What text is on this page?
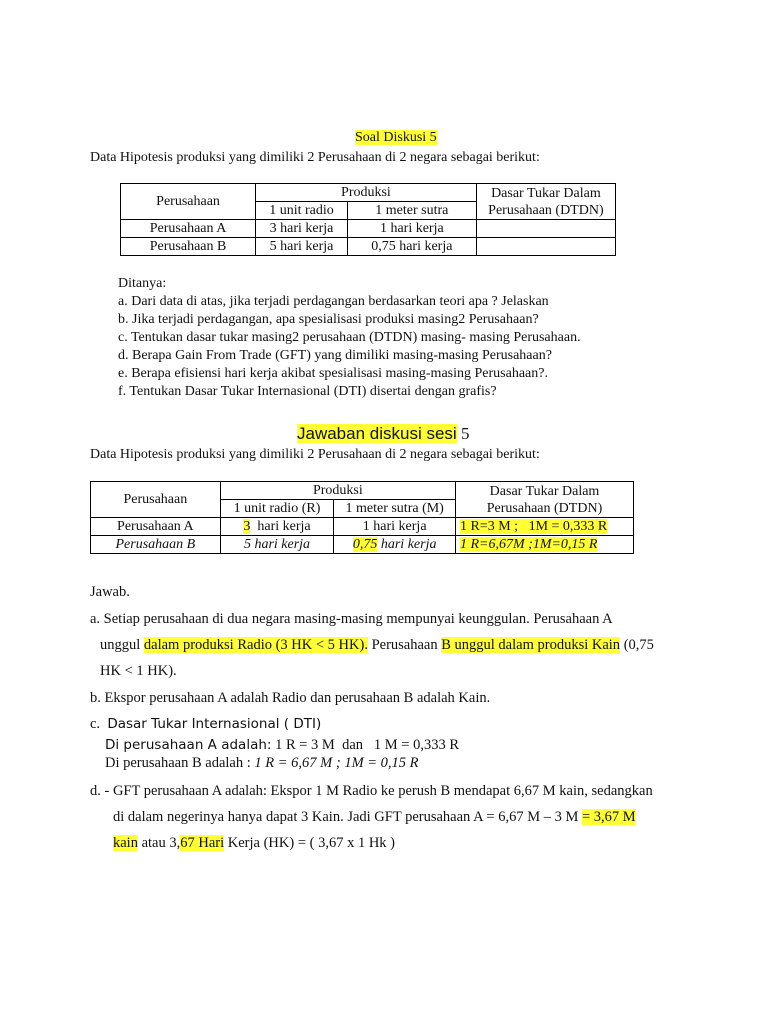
Soal Diskusi 5
Data Hipotesis produksi yang dimiliki 2 Perusahaan di 2 negara sebagai berikut:
Perusahaan	Produksi		Dasar Tukar Dalam
Perusahaan (DTDN)
	1 unit radio	1 meter sutra	
Perusahaan A	3 hari kerja	1 hari kerja	
Perusahaan B	5 hari kerja	0,75 hari kerja	
Ditanya:
a. Dari data di atas, jika terjadi perdagangan berdasarkan teori apa ? Jelaskan
b. Jika terjadi perdagangan, apa spesialisasi produksi masing2 Perusahaan?
c. Tentukan dasar tukar masing2 perusahaan (DTDN) masing- masing Perusahaan.
d. Berapa Gain From Trade (GFT) yang dimiliki masing-masing Perusahaan?
e. Berapa efisiensi hari kerja akibat spesialisasi masing-masing Perusahaan?.
f. Tentukan Dasar Tukar Internasional (DTI) disertai dengan grafis?
Jawaban diskusi sesi 5
Data Hipotesis produksi yang dimiliki 2 Perusahaan di 2 negara sebagai berikut:
Perusahaan	Produksi		Dasar Tukar Dalam
Perusahaan (DTDN)
	1 unit radio (R)	1 meter sutra (M)	
Perusahaan A	3  hari kerja	1 hari kerja	1 R=3 M ;   1M = 0,333 R
Perusahaan B	5 hari kerja	0,75 hari kerja	1 R=6,67M ;1M=0,15 R
Jawab.
a. Setiap perusahaan di dua negara masing-masing mempunyai keunggulan. Perusahaan A
unggul dalam produksi Radio (3 HK < 5 HK). Perusahaan B unggul dalam produksi Kain (0,75
HK < 1 HK).
b. Ekspor perusahaan A adalah Radio dan perusahaan B adalah Kain.
c.  Dasar Tukar Internasional ( DTI)
Di perusahaan A adalah: 1 R = 3 M  dan   1 M = 0,333 R
Di perusahaan B adalah : 1 R = 6,67 M ; 1M = 0,15 R
d. - GFT perusahaan A adalah: Ekspor 1 M Radio ke perush B mendapat 6,67 M kain, sedangkan
di dalam negerinya hanya dapat 3 Kain. Jadi GFT perusahaan A = 6,67 M – 3 M = 3,67 M
kain atau 3,67 Hari Kerja (HK) = ( 3,67 x 1 Hk )
